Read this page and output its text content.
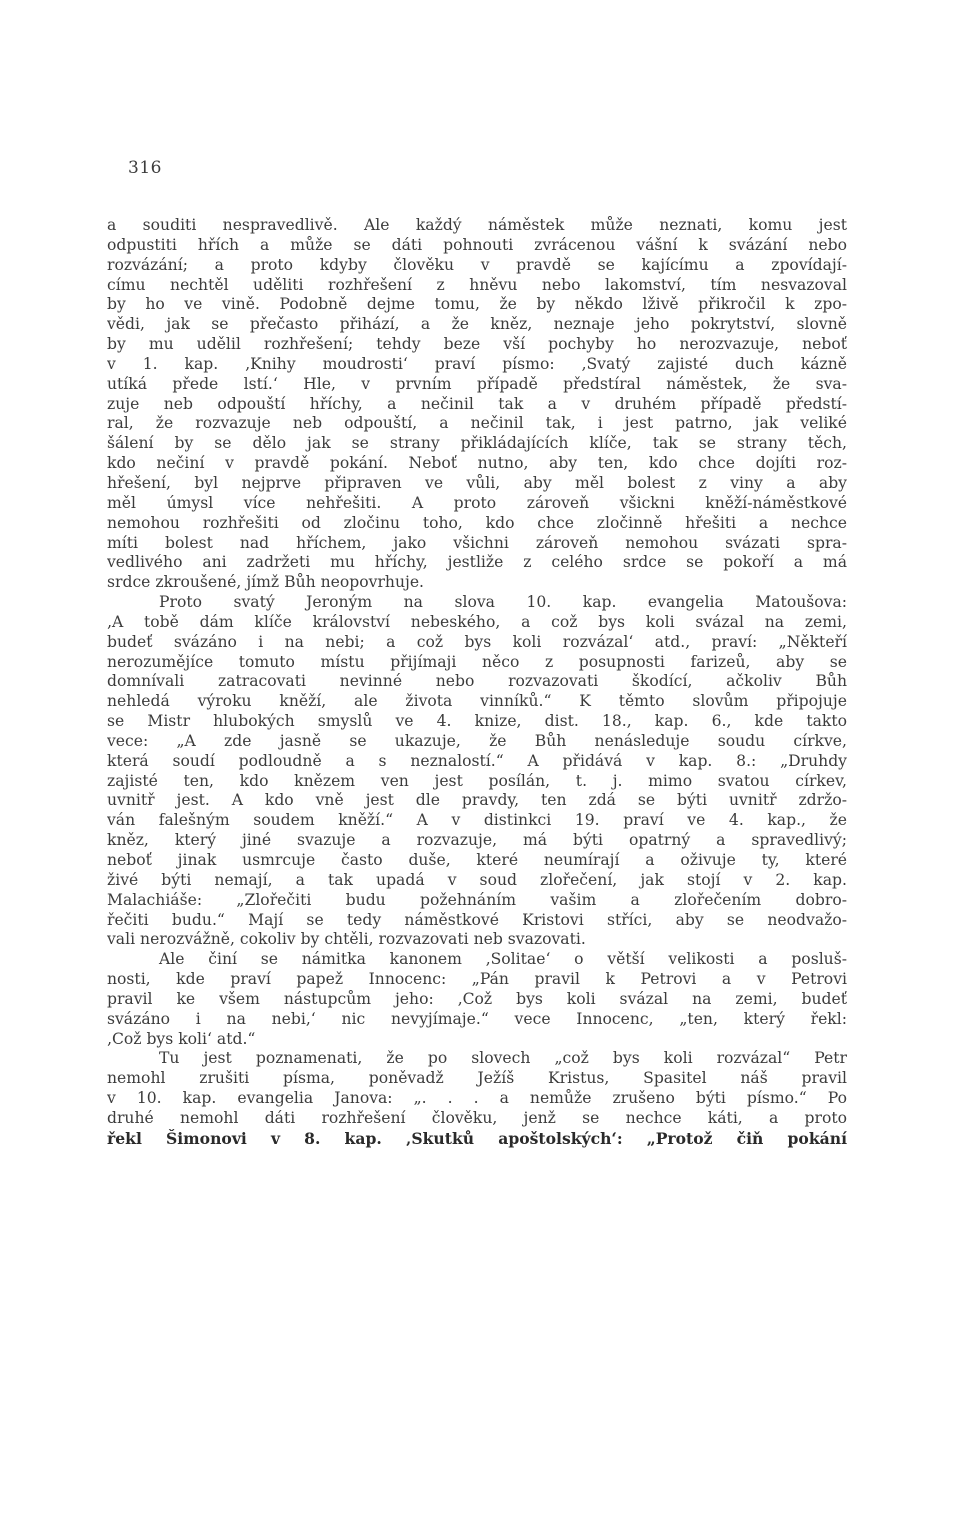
316
a souditi nespravedlivě. Ale každý náměstek může neznati, komu jest
odpustiti hřích a může se dáti pohnouti zvrácenou vášní k svázání nebo
rozvázání; a proto kdyby člověku v pravdě se kajícímu a zpovídají-
címu nechtěl uděliti rozhřešení z hněvu nebo lakomství, tím nesvazoval
by ho ve vině. Podobně dejme tomu, že by někdo lživě přikročil k zpo-
vědi, jak se přečasto přihází, a že kněz, neznaje jeho pokrytství, slovně
by mu udělil rozhřešení; tehdy beze vší pochyby ho nerozvazuje, neboť
v 1. kap. ‚Knihy moudrosti‘ praví písmo: ‚Svatý zajisté duch kázně
utíká přede lstí.‘ Hle, v prvním případě předstíral náměstek, že sva-
zuje neb odpouští hříchy, a nečinil tak a v druhém případě předstí-
ral, že rozvazuje neb odpouští, a nečinil tak, i jest patrno, jak veliké
šálení by se dělo jak se strany přikládajících klíče, tak se strany těch,
kdo nečiní v pravdě pokání. Neboť nutno, aby ten, kdo chce dojíti roz-
hřešení, byl nejprve připraven ve vůli, aby měl bolest z viny a aby
měl úmysl více nehřešiti. A proto zároveň všickni kněží-náměstkové
nemohou rozhřešiti od zločinu toho, kdo chce zločinně hřešiti a nechce
míti bolest nad hříchem, jako všichni zároveň nemohou svázati spra-
vedlivého ani zadržeti mu hříchy, jestliže z celého srdce se pokoří a má
srdce zkroušené, jímž Bůh neopovrhuje.
Proto svatý Jeroným na slova 10. kap. evangelia Matoušova:
‚A tobě dám klíče království nebeského, a což bys koli svázal na zemi,
budeť svázáno i na nebi; a což bys koli rozvázal‘ atd., praví: „Někteří
nerozumějíce tomuto místu přijímaji něco z posupnosti farizeů, aby se
domnívali zatracovati nevinné nebo rozvazovati škodící, ačkoliv Bůh
nehledá výroku kněží, ale života vinníků.“ K těmto slovům připojuje
se Mistr hlubokých smyslů ve 4. knize, dist. 18., kap. 6., kde takto
vece: „A zde jasně se ukazuje, že Bůh nenásleduje soudu církve,
která soudí podloudně a s neznalostí.“ A přidává v kap. 8.: „Druhdy
zajisté ten, kdo knězem ven jest posílán, t. j. mimo svatou církev,
uvnitř jest. A kdo vně jest dle pravdy, ten zdá se býti uvnitř zdržo-
ván falešným soudem kněží.“ A v distinkci 19. praví ve 4. kap., že
kněz, který jiné svazuje a rozvazuje, má býti opatrný a spravedlivý;
neboť jinak usmrcuje často duše, které neumírají a oživuje ty, které
živé býti nemají, a tak upadá v soud zlořečení, jak stojí v 2. kap.
Malachiáše: „Zlořečiti budu požehnáním vašim a zlořečením dobro-
řečiti budu.“ Mají se tedy náměstkové Kristovi stříci, aby se neodvažo-
vali nerozvážně, cokoliv by chtěli, rozvazovati neb svazovati.
Ale činí se námitka kanonem ‚Solitae‘ o větší velikosti a posluš-
nosti, kde praví papež Innocenc: „Pán pravil k Petrovi a v Petrovi
pravil ke všem nástupcům jeho: ‚Což bys koli svázal na zemi, budeť
svázáno i na nebi,‘ nic nevyjímaje.“ vece Innocenc, „ten, který řekl:
‚Což bys koli‘ atd.“
Tu jest poznamenati, že po slovech „což bys koli rozvázal“ Petr
nemohl zrušiti písma, poněvadž Ježíš Kristus, Spasitel náš pravil
v 10. kap. evangelia Janova: „. . . a nemůže zrušeno býti písmo.“ Po
druhé nemohl dáti rozhřešení člověku, jenž se nechce káti, a proto
řekl Šimonovi v 8. kap. ‚Skutků apoštolských‘: „Protož čiň pokání
